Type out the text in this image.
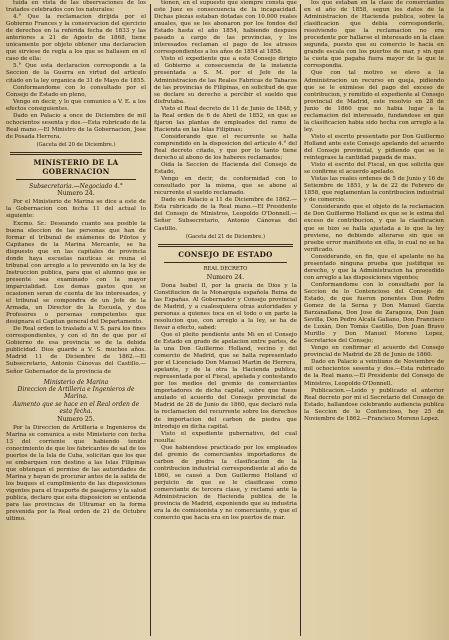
tuida en vista de las observaciones de los tratados celebrados con los naturales:

4.° Que la reclamacion dirijida por el Gobierno Frances y la conservacion del ejercicio de derechos en la referida fecha de 1833 y las anteriores a 21 de Agosto de 1868, tiene unicamente por objeto obtener una declaracion que sirviese de regla a los que se hallasen en el caso de ella:

5.° Que esta declaracion corresponde a la Seccion de la Guerra en virtud del articulo citado en la ley organica de 31 de Mayo de 1855.

Conformandome con lo consultado por el Consejo de Estado en pleno,

Vengo en decir, y lo que comunico a V. E. a los efectos consiguientes.

Dado en Palacio a once de Diciembre de mil ochocientos sesenta y dos.—Esta rubricado de la Real mano.—El Ministro de la Gobernacion, Jose de Posada Herrera.

(Gaceta del 20 de Diciembre.)

MINISTERIO DE LA GOBERNACION

Subsecretaria.—Negociado 4.°

Numero 24.

Por el Ministerio de Marina se dice a este de la Gobernacion con fecha 11 del actual lo siguiente:

Excmo. Sr.: Deseando cuanto sea posible la buena eleccion de las personas que han de formar el tribunal de exámenes de Pilotos y Capitanes de la Marina Mercante, se ha dispuesto que en las capitales de provincia donde haya escuelas nauticas se reuna el tribunal con arreglo a lo prevenido en la ley de Instruccion publica, para que el alumno que se presente sea examinado con la mayor imparcialidad. Los demas gastos que se ocasionen seran de cuenta de los interesados, y el tribunal se compondra de un Jefe de la Armada, un Director de la Escuela, y dos Profesores o personas competentes que designara el Capitan general del Departamento.

De Real orden lo traslado a V. S. para los fines correspondientes, y con el fin de que por el Gobierno de esa provincia se de la debida publicidad. Dios guarde a V. S. muchos años. Madrid 11 de Diciembre de 1862.—El Subsecretario, Antonio Cánovas del Castillo.—Señor Gobernador de la provincia de

Ministerio de Marina

Direccion de Artilleria e Ingenieros de Marina.

Aumento que se hace en el Real orden de esta fecha.

Numero 25.

Por la Direccion de Artilleria e Ingenieros de Marina se comunica a este Ministerio con fecha 13 del corriente que habiendo tenido conocimiento de que los fabricantes de sal de los puertos de la Isla de Cuba, solicitan que los que se embarquen con destino a las Islas Filipinas que obtengan el permiso de las autoridades de Marina y hayan de procurar antes de la salida de los buques el cumplimiento de las disposiciones vigentes para el trasporte de pasajeros y la salud publica, declaro que esta disposicion se entienda para las provincias de Ultramar en la forma prevenida por la Real orden de 21 de Octubre ultimo.

tionen, en el supuesto que siempre consta que este Juez es consecuencia de la incapacidad. Dichas piezas estaban dotadas con 10.000 reales anuales, que se les abonaron por los fondos del Estado hasta el año 1854, habiendo despues pasado a cargo de las provincias, y los interesados reclaman el pago de los atrasos correspondientes a los años de 1854 al 1858.

Visto el expediente que a este Consejo dirigio el Gobierno a consecuencia de la instancia presentada a S. M. por el Jefe de la Administracion de las Reales Fabricas de Tabacos de las provincias de Filipinas, en solicitud de que se declare su derecho a percibir el sueldo que disfrutaba.

Visto el Real decreto de 11 de Junio de 1848, y la Real orden de 6 de Abril de 1852, en que se fijaron las plantas de empleados del ramo de Hacienda en las Islas Filipinas;

Considerando que el recurrente se halla comprendido en la disposicion del articulo 4.° del Real decreto citado, y que por lo tanto tiene derecho al abono de los haberes reclamados;

Oida la Seccion de Hacienda del Consejo de Estado,

Vengo en decir, de conformidad con lo consultado por la misma, que se abone al recurrente el sueldo reclamado.

Dado en Palacio a 11 de Diciembre de 1862.—Esta rubricado de la Real mano.—El Presidente del Consejo de Ministros, Leopoldo O'Donnell.—Señor Subsecretario, Antonio Cánovas del Castillo.

(Gaceta del 21 de Diciembre.)

CONSEJO DE ESTADO

REAL DECRETO

Numero 24.

Dona Isabel II, por la gracia de Dios y la Constitucion de la Monarquia española Reina de las Españas. Al Gobernador y Consejo provincial de Madrid, y a cualesquiera otras autoridades y personas a quienes toca en el todo o en parte la resolucion que, con arreglo a la ley, se ha de llevar a efecto, sabed:

Que el pleito pendiente ante Mi en el Consejo de Estado en grado de apelacion entre partes, de la una Don Guillermo Holland, vecino y del comercio de Madrid, que se halla representado por el Licenciado Don Manuel Martin de Herrera, apelante, y de la otra la Hacienda publica, representada por el Fiscal, apelada y contestando por los medios del gremio de comerciantes importadores de dicha capital, sobre que fuese anulado el acuerdo del Consejo provincial de Madrid de 28 de Junio de 1860, que declaró nula la reclamacion del recurrente sobre los derechos de importacion del carbon de piedra que introdujo en dicha capital.

Visto el expediente gubernativo, del cual resulta:

Que habiendose practicado por los empleados del gremio de comerciantes importadores de carbon de piedra la clasificacion de la contribucion industrial correspondiente al año de 1860, se causó a Don Guillermo Holland el perjuicio de que se le clasificase como comerciante de tercera clase, y reclamó ante la Administracion de Hacienda publica de la provincia de Madrid, exponiendo que su industria era la de comisionista y no comerciante, y que el comercio que hacia era en los puertos de mar.

los que estaban en la clase de comerciantes en el año de 1858, segun los datos de la Administracion de Hacienda publica, sobre la clasificacion que debia corresponderle, resolviendo que la reclamacion no era procedente por hallarse el interesado en la clase segunda, puesto que su comercio lo hacia en grande escala con los puertos de mar, y sin que la cuota que pagaba fuera mayor de la que le correspondia.

Que con tal motivo se elevo a la Administracion un recurso en queja, pidiendo que se le eximiese del pago del exceso de contribucion, y remitido el expediente al Consejo provincial de Madrid, este resolvio en 28 de Junio de 1860 que no habia lugar a la reclamacion del interesado, fundandose en que la clasificacion habia sido hecha con arreglo a la ley.

Visto el escrito presentado por Don Guillermo Holland ante este Consejo apelando del acuerdo del Consejo provincial, y pidiendo que se le reintegrase la cantidad pagada de mas.

Visto el escrito del Fiscal, en que solicita que se confirme el acuerdo apelado.

Vistas las reales ordenes de 5 de Junio y 16 de Setiembre de 1851, y la de 22 de Febrero de 1858, que reglamentan la contribucion industrial y de comercio.

Considerando que el objeto de la reclamacion de Don Guillermo Holland es que se le exima del exceso de contribucion, y que la clasificacion que se hizo se halla ajustada a lo que la ley previene, no debiendo alterarse sin que se pruebe error manifiesto en ella, lo cual no se ha verificado.

Considerando, en fin, que el apelante no ha presentado ninguna prueba que justifique su derecho, y que la Administracion ha procedido con arreglo a las disposiciones vigentes;

Conformandome con lo consultado por la Seccion de lo Contencioso del Consejo de Estado, de que fueron ponentes Don Pedro Gomez de la Serna y Don Manuel Garcia Barzanallana, Don Jose de Zaragoza, Don Juan Sevilla, Don Pedro Alcalá Galiano, Don Francisco de Luxán, Don Tomás Castillo, Don Juan Bravo Murillo y Don Manuel Moreno Lopez, Secretarios del Consejo;

Vengo en confirmar el acuerdo del Consejo provincial de Madrid de 28 de Junio de 1860.

Dado en Palacio a veintiuno de Noviembre de mil ochocientos sesenta y dos.—Esta rubricado de la Real mano.—El Presidente del Consejo de Ministros, Leopoldo O'Donnell.

Publicacion.—Leido y publicado el anterior Real decreto por mi el Secretario del Consejo de Estado, hallandose celebrando audiencia publica la Seccion de lo Contencioso, hoy 25 de Noviembre de 1862.—Francisco Moreno Lopez.
